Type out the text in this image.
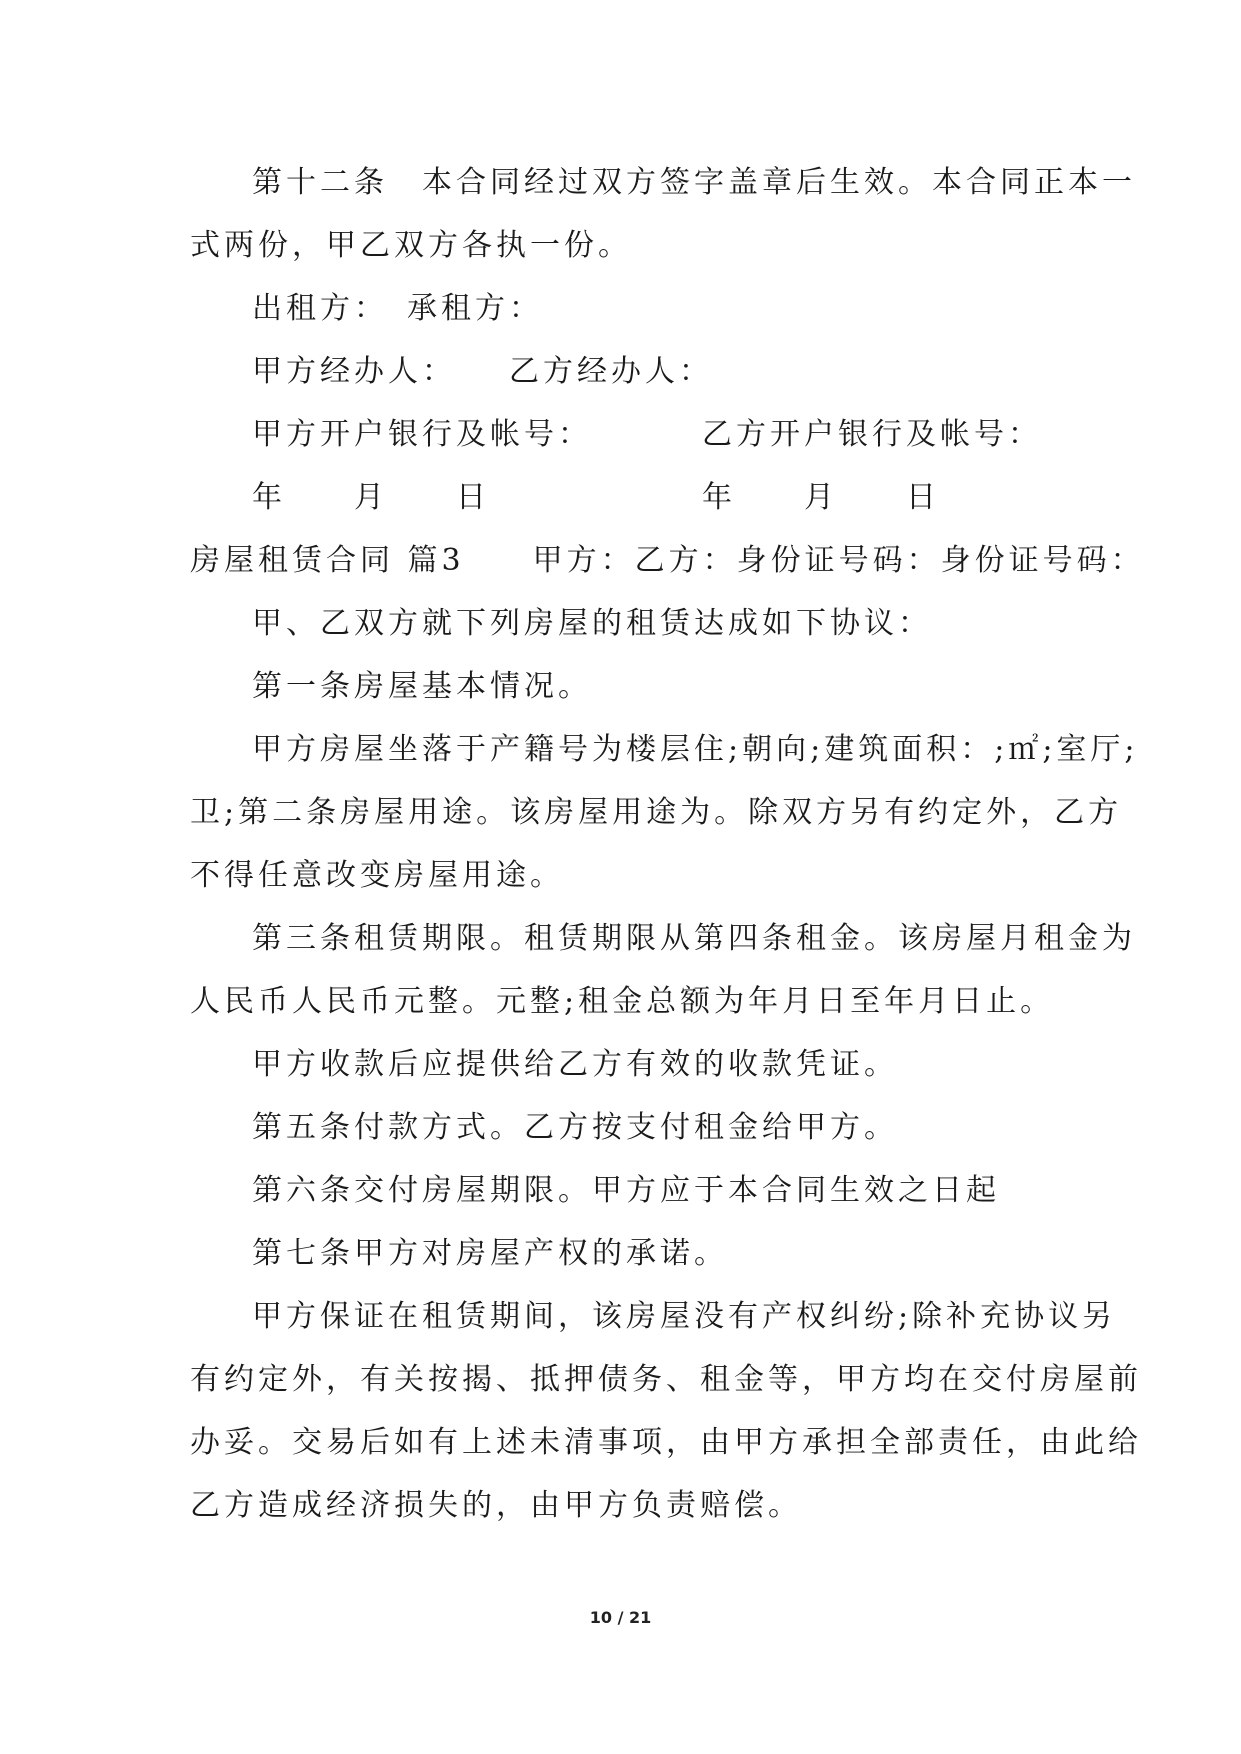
第十二条　本合同经过双方签字盖章后生效。本合同正本一
式两份，甲乙双方各执一份。
出租方：　承租方：
甲方经办人：　　乙方经办人：
甲方开户银行及帐号：	乙方开户银行及帐号：
年　　月　　日	年　　月　　日
房屋租赁合同 篇3　　甲方：乙方：身份证号码：身份证号码：
甲、乙双方就下列房屋的租赁达成如下协议：
第一条房屋基本情况。
甲方房屋坐落于产籍号为楼层住;朝向;建筑面积：;㎡;室厅;
卫;第二条房屋用途。该房屋用途为。除双方另有约定外，乙方
不得任意改变房屋用途。
第三条租赁期限。租赁期限从第四条租金。该房屋月租金为
人民币人民币元整。元整;租金总额为年月日至年月日止。
甲方收款后应提供给乙方有效的收款凭证。
第五条付款方式。乙方按支付租金给甲方。
第六条交付房屋期限。甲方应于本合同生效之日起
第七条甲方对房屋产权的承诺。
甲方保证在租赁期间，该房屋没有产权纠纷;除补充协议另
有约定外，有关按揭、抵押债务、租金等，甲方均在交付房屋前
办妥。交易后如有上述未清事项，由甲方承担全部责任，由此给
乙方造成经济损失的，由甲方负责赔偿。
10 / 21
